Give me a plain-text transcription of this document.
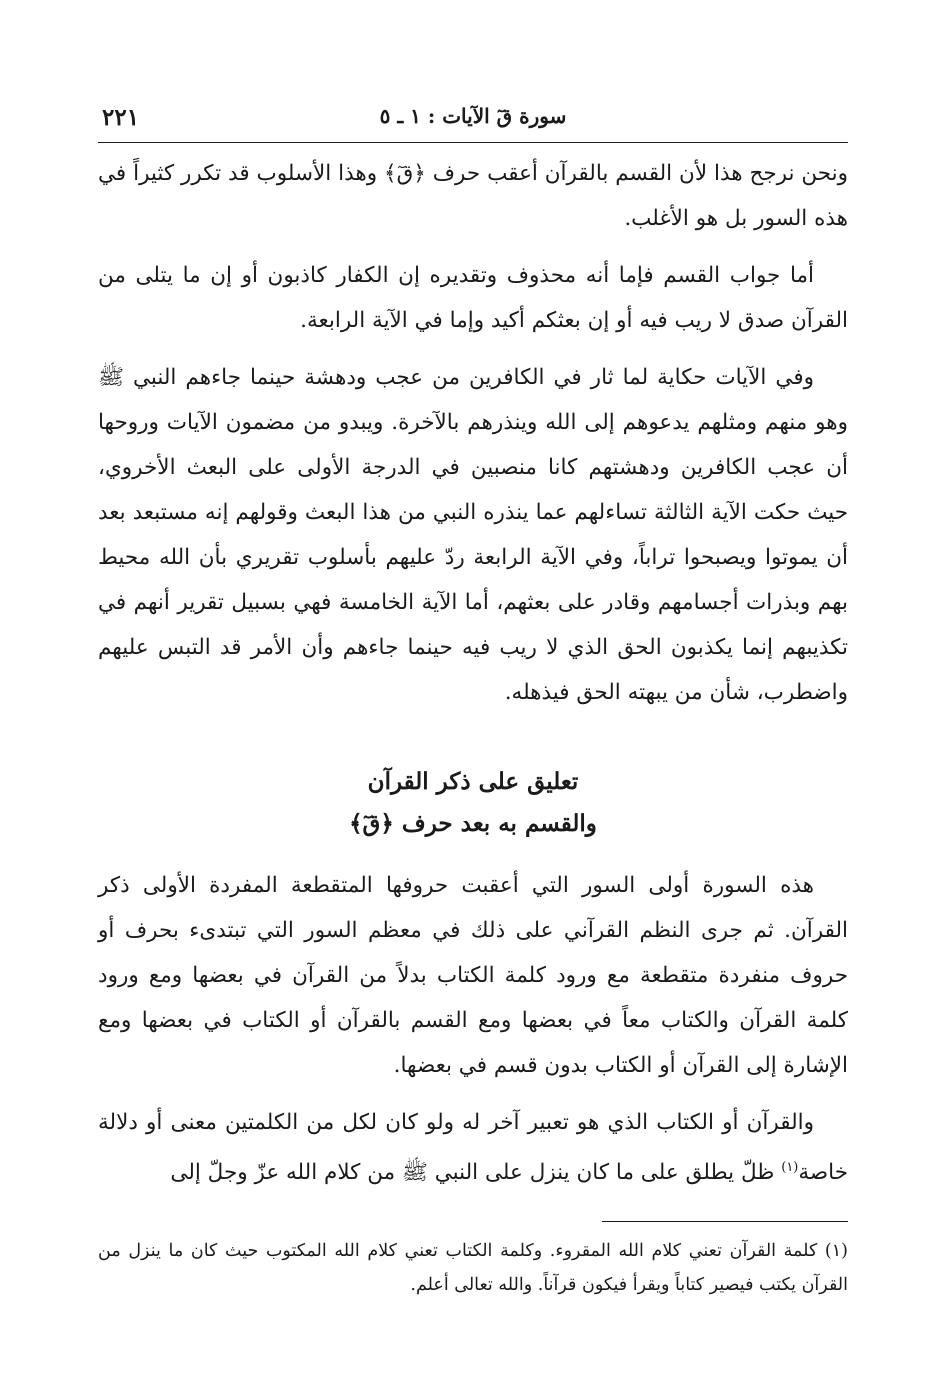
سورة قٓ الآيات : ١ ـ ٥
٢٢١

ونحن نرجح هذا لأن القسم بالقرآن أعقب حرف ﴿قٓ﴾ وهذا الأسلوب قد تكرر كثيراً في هذه السور بل هو الأغلب.

أما جواب القسم فإما أنه محذوف وتقديره إن الكفار كاذبون أو إن ما يتلى من القرآن صدق لا ريب فيه أو إن بعثكم أكيد وإما في الآية الرابعة.

وفي الآيات حكاية لما ثار في الكافرين من عجب ودهشة حينما جاءهم النبي ﷺ وهو منهم ومثلهم يدعوهم إلى الله وينذرهم بالآخرة. ويبدو من مضمون الآيات وروحها أن عجب الكافرين ودهشتهم كانا منصبين في الدرجة الأولى على البعث الأخروي، حيث حكت الآية الثالثة تساءلهم عما ينذره النبي من هذا البعث وقولهم إنه مستبعد بعد أن يموتوا ويصبحوا تراباً، وفي الآية الرابعة ردّ عليهم بأسلوب تقريري بأن الله محيط بهم وبذرات أجسامهم وقادر على بعثهم، أما الآية الخامسة فهي بسبيل تقرير أنهم في تكذيبهم إنما يكذبون الحق الذي لا ريب فيه حينما جاءهم وأن الأمر قد التبس عليهم واضطرب، شأن من يبهته الحق فيذهله.

تعليق على ذكر القرآن
والقسم به بعد حرف ﴿قٓ﴾

هذه السورة أولى السور التي أعقبت حروفها المتقطعة المفردة الأولى ذكر القرآن. ثم جرى النظم القرآني على ذلك في معظم السور التي تبتدىء بحرف أو حروف منفردة متقطعة مع ورود كلمة الكتاب بدلاً من القرآن في بعضها ومع ورود كلمة القرآن والكتاب معاً في بعضها ومع القسم بالقرآن أو الكتاب في بعضها ومع الإشارة إلى القرآن أو الكتاب بدون قسم في بعضها.

والقرآن أو الكتاب الذي هو تعبير آخر له ولو كان لكل من الكلمتين معنى أو دلالة خاصة$^{(١)}$ ظلّ يطلق على ما كان ينزل على النبي ﷺ من كلام الله عزّ وجلّ إلى

(١) كلمة القرآن تعني كلام الله المقروء. وكلمة الكتاب تعني كلام الله المكتوب حيث كان ما ينزل من القرآن يكتب فيصير كتاباً ويقرأ فيكون قرآناً. والله تعالى أعلم.
